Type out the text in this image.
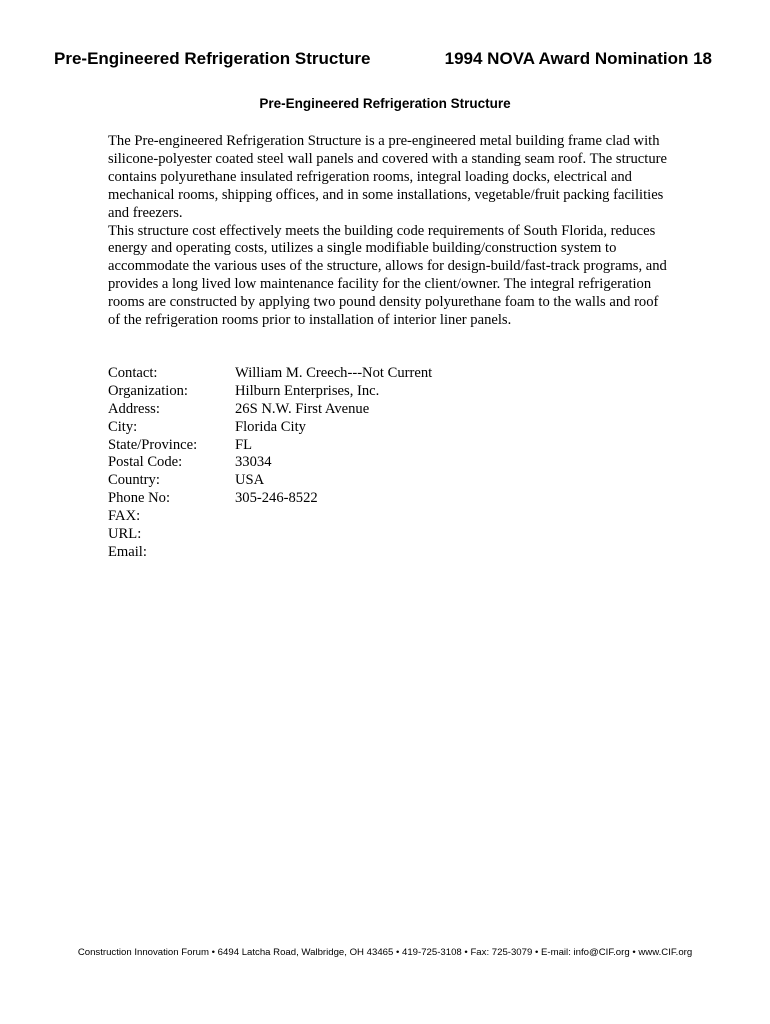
Pre-Engineered Refrigeration Structure	1994 NOVA Award Nomination 18
Pre-Engineered Refrigeration Structure

The Pre-engineered Refrigeration Structure is a pre-engineered metal building frame clad with silicone-polyester coated steel wall panels and covered with a standing seam roof. The structure contains polyurethane insulated refrigeration rooms, integral loading docks, electrical and mechanical rooms, shipping offices, and in some installations, vegetable/fruit packing facilities and freezers.

This structure cost effectively meets the building code requirements of South Florida, reduces energy and operating costs, utilizes a single modifiable building/construction system to accommodate the various uses of the structure, allows for design-build/fast-track programs, and provides a long lived low maintenance facility for the client/owner. The integral refrigeration rooms are constructed by applying two pound density polyurethane foam to the walls and roof of the refrigeration rooms prior to installation of interior liner panels.

Contact:	William M. Creech---Not Current
Organization:	Hilburn Enterprises, Inc.
Address:	26S N.W. First Avenue
City:	Florida City
State/Province:	FL
Postal Code:	33034
Country:	USA
Phone No:	305-246-8522
FAX:
URL:
Email:
Construction Innovation Forum • 6494 Latcha Road, Walbridge, OH 43465 • 419-725-3108 • Fax: 725-3079 • E-mail: info@CIF.org • www.CIF.org
